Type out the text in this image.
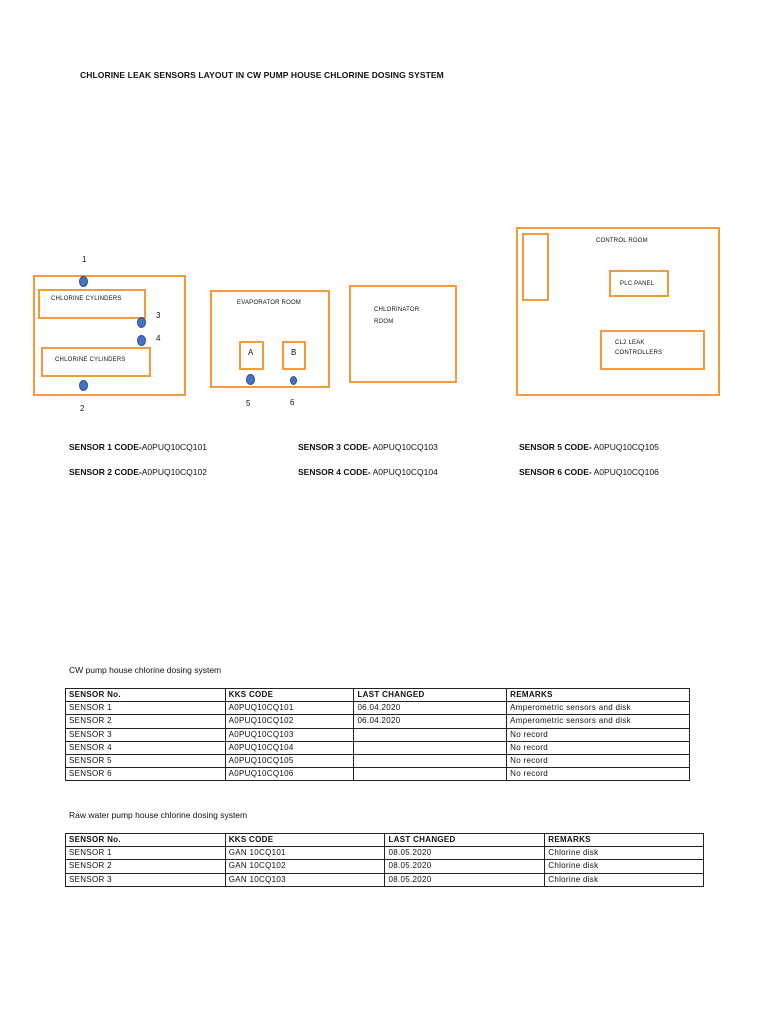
CHLORINE LEAK SENSORS LAYOUT IN CW PUMP HOUSE CHLORINE DOSING SYSTEM
CHLORINE CYLINDERS
CHLORINE CYLINDERS
1
2
3
4
EVAPORATOR ROOM
A	B
5	6
CHLORINATOR
ROOM
CONTROL ROOM
PLC PANEL
CL2 LEAK
CONTROLLERS
SENSOR 1 CODE-A0PUQ10CQ101
SENSOR 2 CODE-A0PUQ10CQ102
SENSOR 3 CODE- A0PUQ10CQ103
SENSOR 4 CODE- A0PUQ10CQ104
SENSOR 5 CODE- A0PUQ10CQ105
SENSOR 6 CODE- A0PUQ10CQ106
CW pump house chlorine dosing system
SENSOR No.	KKS CODE	LAST CHANGED	REMARKS
SENSOR 1	A0PUQ10CQ101	06.04.2020	Amperometric sensors and disk
SENSOR 2	A0PUQ10CQ102	06.04.2020	Amperometric sensors and disk
SENSOR 3	A0PUQ10CQ103		No record
SENSOR 4	A0PUQ10CQ104		No record
SENSOR 5	A0PUQ10CQ105		No record
SENSOR 6	A0PUQ10CQ106		No record
Raw water pump house chlorine dosing system
SENSOR No.	KKS CODE	LAST CHANGED	REMARKS
SENSOR 1	GAN 10CQ101	08.05.2020	Chlorine disk
SENSOR 2	GAN 10CQ102	08.05.2020	Chlorine disk
SENSOR 3	GAN 10CQ103	08.05.2020	Chlorine disk
